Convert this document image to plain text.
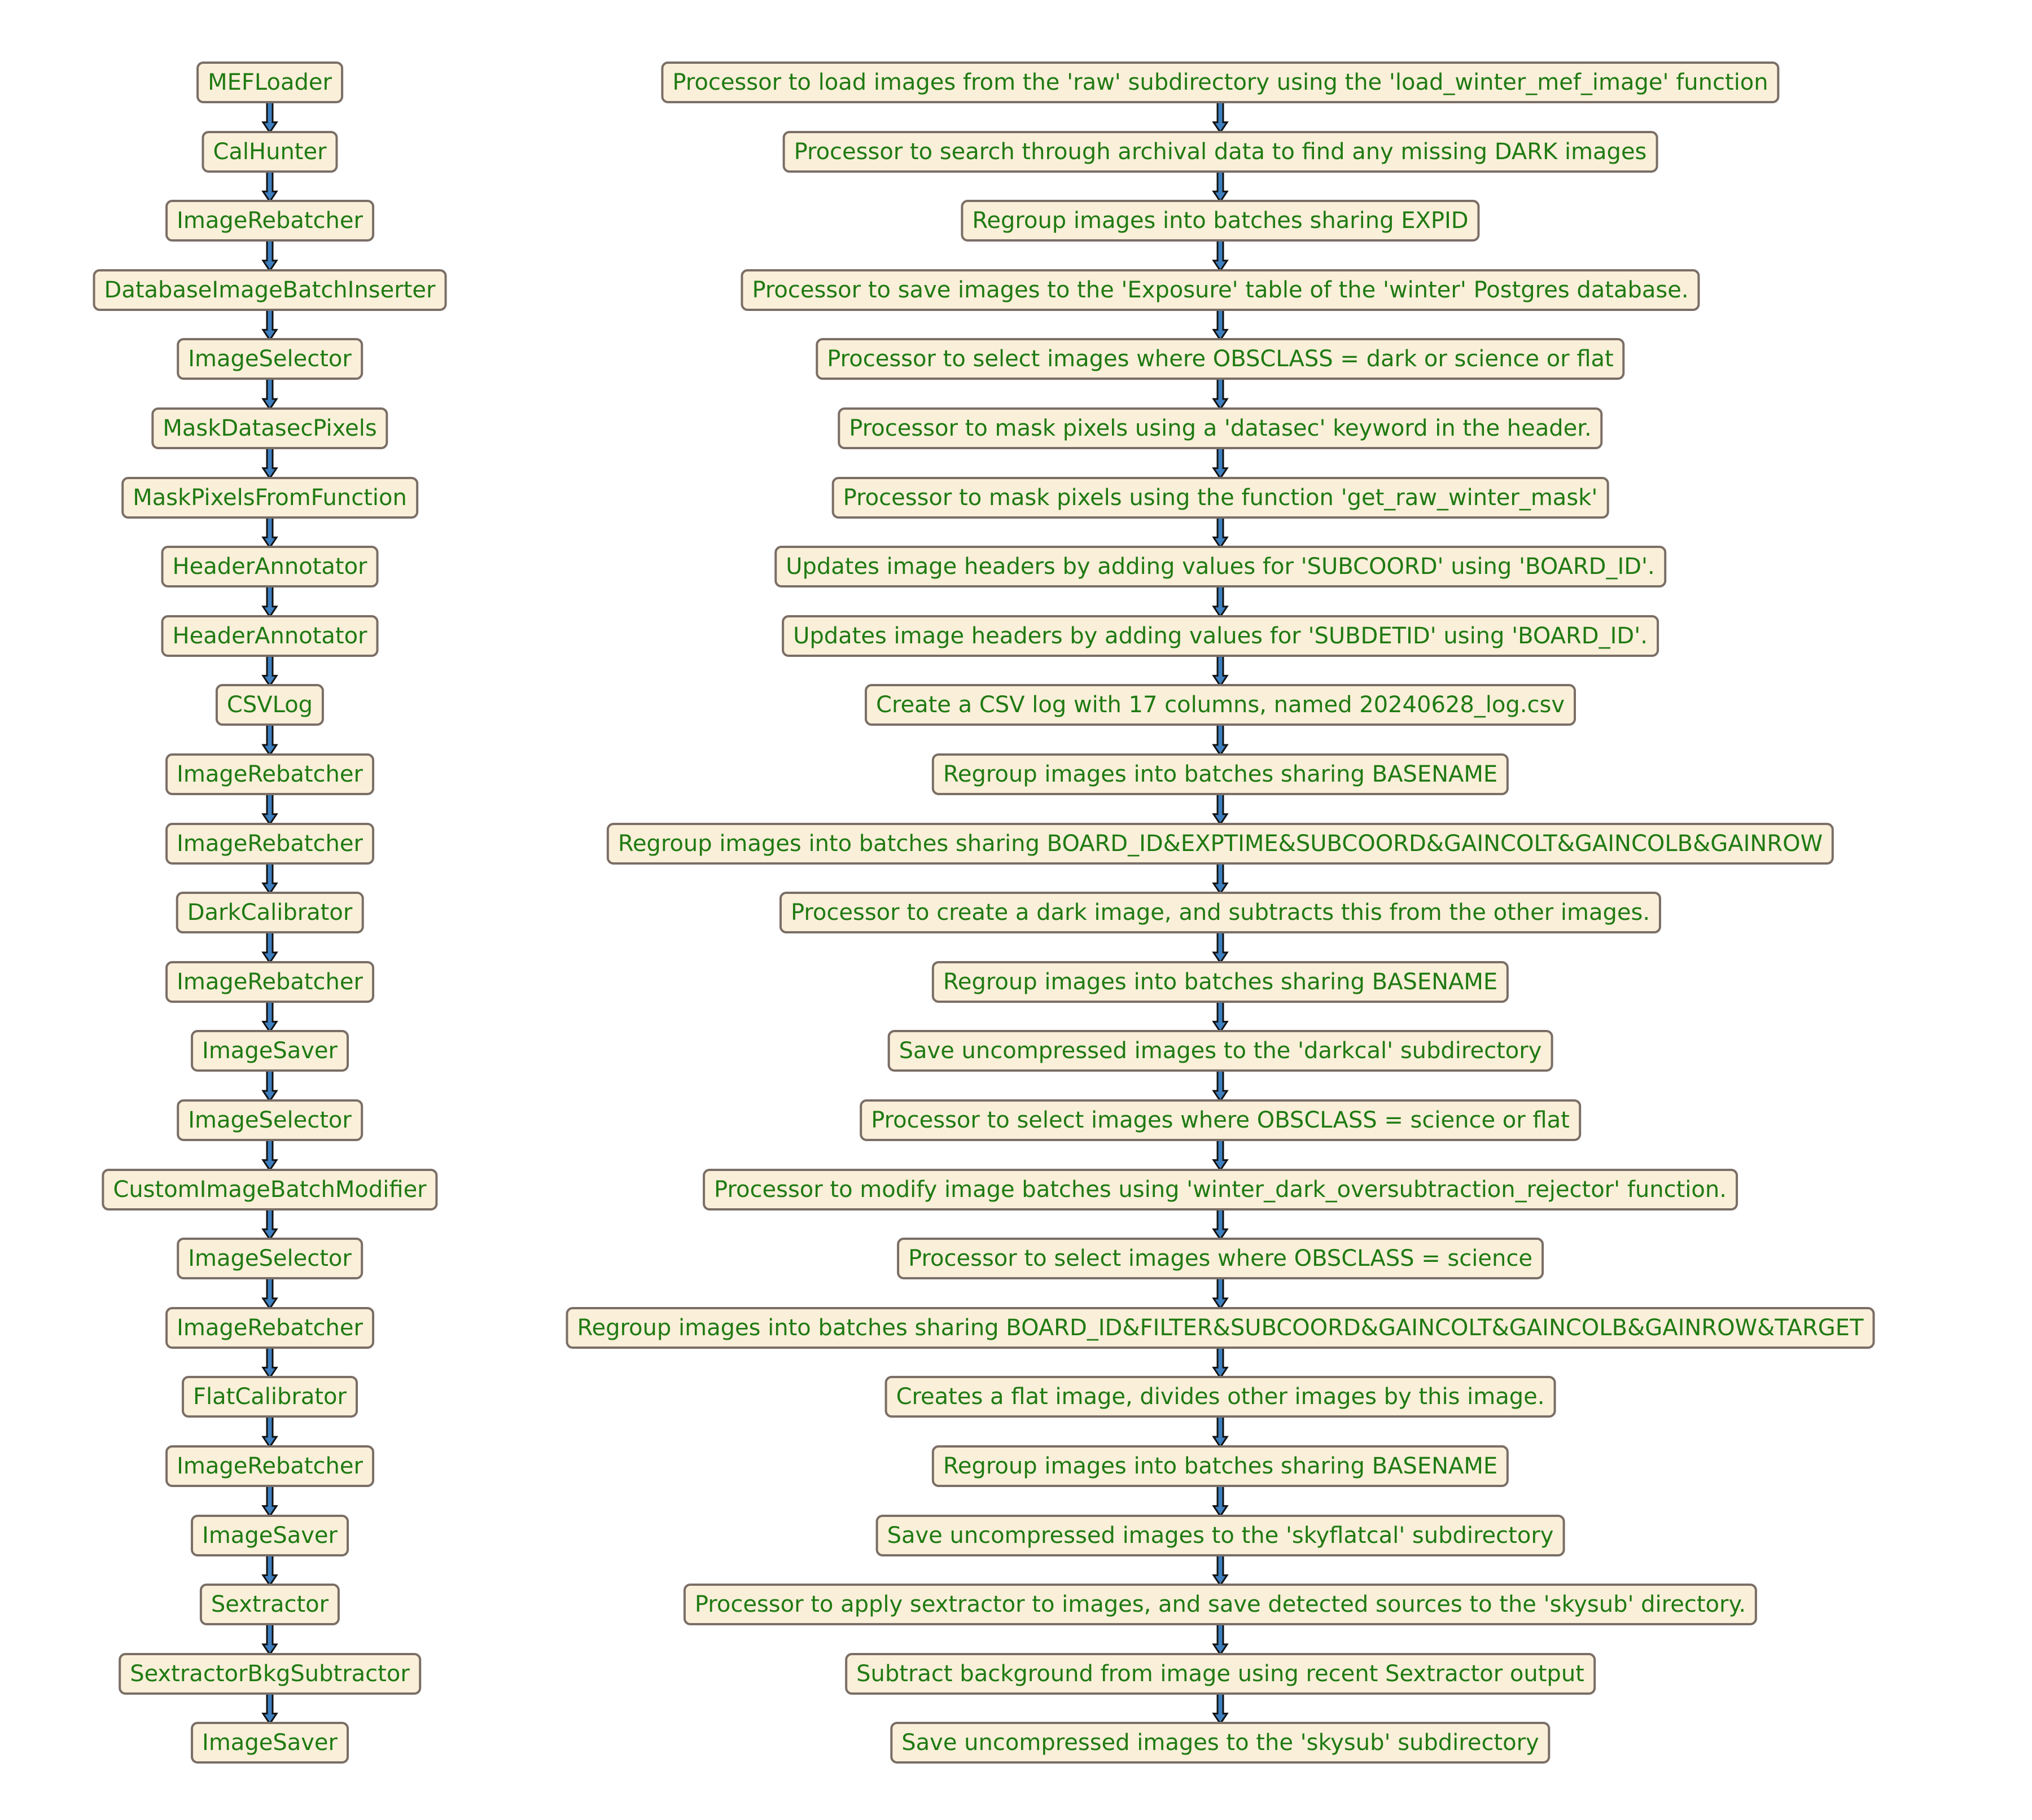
MEFLoader	Processor to load images from the 'raw' subdirectory using the 'load_winter_mef_image' function
CalHunter	Processor to search through archival data to find any missing DARK images
ImageRebatcher	Regroup images into batches sharing EXPID
DatabaseImageBatchInserter	Processor to save images to the 'Exposure' table of the 'winter' Postgres database.
ImageSelector	Processor to select images where OBSCLASS = dark or science or flat
MaskDatasecPixels	Processor to mask pixels using a 'datasec' keyword in the header.
MaskPixelsFromFunction	Processor to mask pixels using the function 'get_raw_winter_mask'
HeaderAnnotator	Updates image headers by adding values for 'SUBCOORD' using 'BOARD_ID'.
HeaderAnnotator	Updates image headers by adding values for 'SUBDETID' using 'BOARD_ID'.
CSVLog	Create a CSV log with 17 columns, named 20240628_log.csv
ImageRebatcher	Regroup images into batches sharing BASENAME
ImageRebatcher	Regroup images into batches sharing BOARD_ID&EXPTIME&SUBCOORD&GAINCOLT&GAINCOLB&GAINROW
DarkCalibrator	Processor to create a dark image, and subtracts this from the other images.
ImageRebatcher	Regroup images into batches sharing BASENAME
ImageSaver	Save uncompressed images to the 'darkcal' subdirectory
ImageSelector	Processor to select images where OBSCLASS = science or flat
CustomImageBatchModifier	Processor to modify image batches using 'winter_dark_oversubtraction_rejector' function.
ImageSelector	Processor to select images where OBSCLASS = science
ImageRebatcher	Regroup images into batches sharing BOARD_ID&FILTER&SUBCOORD&GAINCOLT&GAINCOLB&GAINROW&TARGET
FlatCalibrator	Creates a flat image, divides other images by this image.
ImageRebatcher	Regroup images into batches sharing BASENAME
ImageSaver	Save uncompressed images to the 'skyflatcal' subdirectory
Sextractor	Processor to apply sextractor to images, and save detected sources to the 'skysub' directory.
SextractorBkgSubtractor	Subtract background from image using recent Sextractor output
ImageSaver	Save uncompressed images to the 'skysub' subdirectory
